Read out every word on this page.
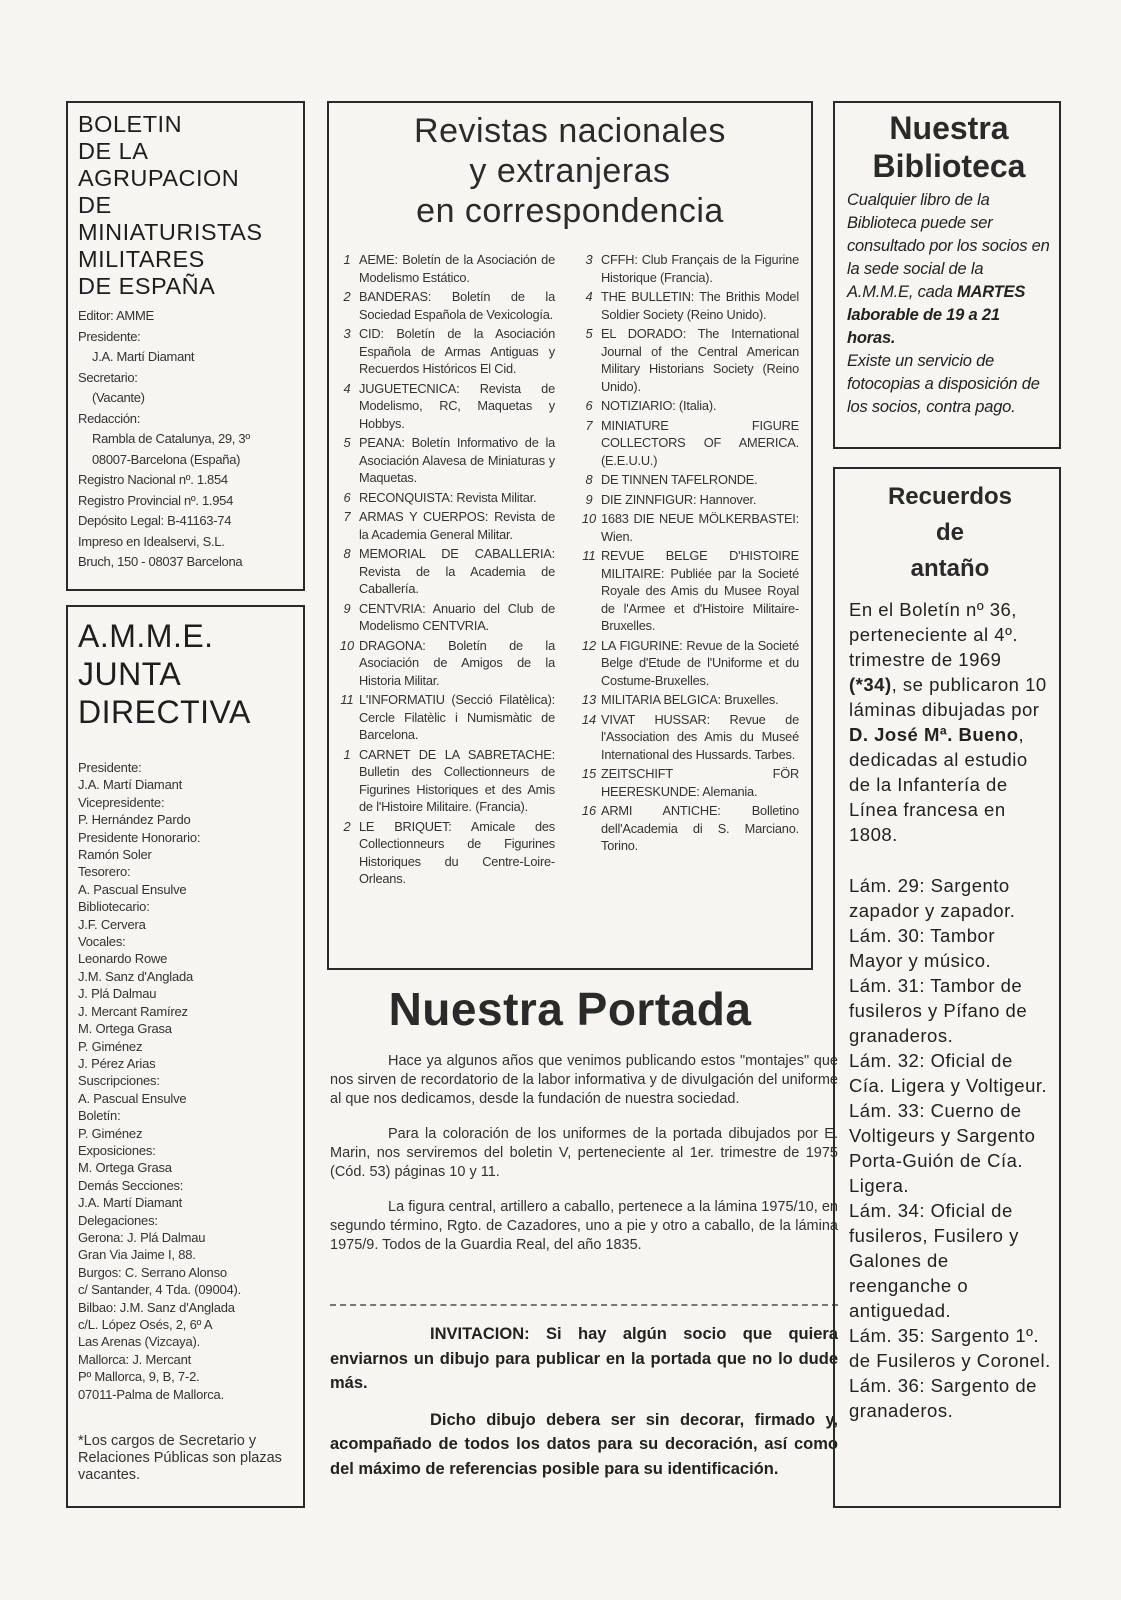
BOLETIN
DE LA
AGRUPACION
DE
MINIATURISTAS
MILITARES
DE ESPAÑA
Editor: AMME
Presidente:
J.A. Martí Diamant
Secretario:
(Vacante)
Redacción:
Rambla de Catalunya, 29, 3º
08007-Barcelona (España)
Registro Nacional nº. 1.854
Registro Provincial nº. 1.954
Depósito Legal: B-41163-74
Impreso en Idealservi, S.L.
Bruch, 150 - 08037 Barcelona
A.M.M.E.
JUNTA
DIRECTIVA
Presidente:
J.A. Martí Diamant
Vicepresidente:
P. Hernández Pardo
Presidente Honorario:
Ramón Soler
Tesorero:
A. Pascual Ensulve
Bibliotecario:
J.F. Cervera
Vocales:
Leonardo Rowe
J.M. Sanz d'Anglada
J. Plá Dalmau
J. Mercant Ramírez
M. Ortega Grasa
P. Giménez
J. Pérez Arias
Suscripciones:
A. Pascual Ensulve
Boletín:
P. Giménez
Exposiciones:
M. Ortega Grasa
Demás Secciones:
J.A. Martí Diamant
Delegaciones:
Gerona: J. Plá Dalmau
Gran Via Jaime I, 88.
Burgos: C. Serrano Alonso
c/ Santander, 4 Tda. (09004).
Bilbao: J.M. Sanz d'Anglada
c/L. López Osés, 2, 6º A
Las Arenas (Vizcaya).
Mallorca: J. Mercant
Pº Mallorca, 9, B, 7-2.
07011-Palma de Mallorca.
*Los cargos de Secretario y Relaciones Públicas son plazas vacantes.
Revistas nacionales
y extranjeras
en correspondencia
1 AEME: Boletín de la Asociación de Modelismo Estático.
2 BANDERAS: Boletín de la Sociedad Española de Vexicología.
3 CID: Boletín de la Asociación Española de Armas Antiguas y Recuerdos Históricos El Cid.
4 JUGUETECNICA: Revista de Modelismo, RC, Maquetas y Hobbys.
5 PEANA: Boletín Informativo de la Asociación Alavesa de Miniaturas y Maquetas.
6 RECONQUISTA: Revista Militar.
7 ARMAS Y CUERPOS: Revista de la Academia General Militar.
8 MEMORIAL DE CABALLERIA: Revista de la Academia de Caballería.
9 CENTVRIA: Anuario del Club de Modelismo CENTVRIA.
10 DRAGONA: Boletín de la Asociación de Amigos de la Historia Militar.
11 L'INFORMATIU (Secció Filatèlica): Cercle Filatèlic i Numismàtic de Barcelona.
1 CARNET DE LA SABRETACHE: Bulletin des Collectionneurs de Figurines Historiques et des Amis de l'Histoire Militaire. (Francia).
2 LE BRIQUET: Amicale des Collectionneurs de Figurines Historiques du Centre-Loire-Orleans.
3 CFFH: Club Français de la Figurine Historique (Francia).
4 THE BULLETIN: The Brithis Model Soldier Society (Reino Unido).
5 EL DORADO: The International Journal of the Central American Military Historians Society (Reino Unido).
6 NOTIZIARIO: (Italia).
7 MINIATURE FIGURE COLLECTORS OF AMERICA. (E.E.U.U.)
8 DE TINNEN TAFELRONDE.
9 DIE ZINNFIGUR: Hannover.
10 1683 DIE NEUE MÖLKERBASTEI: Wien.
11 REVUE BELGE D'HISTOIRE MILITAIRE: Publiée par la Societé Royale des Amis du Musee Royal de l'Armee et d'Histoire Militaire-Bruxelles.
12 LA FIGURINE: Revue de la Societé Belge d'Etude de l'Uniforme et du Costume-Bruxelles.
13 MILITARIA BELGICA: Bruxelles.
14 VIVAT HUSSAR: Revue de l'Association des Amis du Museé International des Hussards. Tarbes.
15 ZEITSCHIFT FÖR HEERESKUNDE: Alemania.
16 ARMI ANTICHE: Bolletino dell'Academia di S. Marciano. Torino.
Nuestra Portada

Hace ya algunos años que venimos publicando estos "montajes" que nos sirven de recordatorio de la labor informativa y de divulgación del uniforme al que nos dedicamos, desde la fundación de nuestra sociedad.

Para la coloración de los uniformes de la portada dibujados por E. Marin, nos serviremos del boletin V, perteneciente al 1er. trimestre de 1975 (Cód. 53) páginas 10 y 11.

La figura central, artillero a caballo, pertenece a la lámina 1975/10, en segundo término, Rgto. de Cazadores, uno a pie y otro a caballo, de la lámina 1975/9. Todos de la Guardia Real, del año 1835.

INVITACION: Si hay algún socio que quiera enviarnos un dibujo para publicar en la portada que no lo dude más.

Dicho dibujo debera ser sin decorar, firmado y, acompañado de todos los datos para su decoración, así como del máximo de referencias posible para su identificación.

Nuestra
Biblioteca
Cualquier libro de la Biblioteca puede ser consultado por los socios en la sede social de la A.M.M.E, cada MARTES laborable de 19 a 21 horas.
Existe un servicio de fotocopias a disposición de los socios, contra pago.
Recuerdos
de
antaño
En el Boletín nº 36, perteneciente al 4º. trimestre de 1969 (*34), se publicaron 10 láminas dibujadas por D. José Mª. Bueno, dedicadas al estudio de la Infantería de Línea francesa en 1808.
Lám. 29: Sargento zapador y zapador.
Lám. 30: Tambor Mayor y músico.
Lám. 31: Tambor de fusileros y Pífano de granaderos.
Lám. 32: Oficial de Cía. Ligera y Voltigeur.
Lám. 33: Cuerno de Voltigeurs y Sargento Porta-Guión de Cía. Ligera.
Lám. 34: Oficial de fusileros, Fusilero y Galones de reenganche o antiguedad.
Lám. 35: Sargento 1º. de Fusileros y Coronel.
Lám. 36: Sargento de granaderos.
